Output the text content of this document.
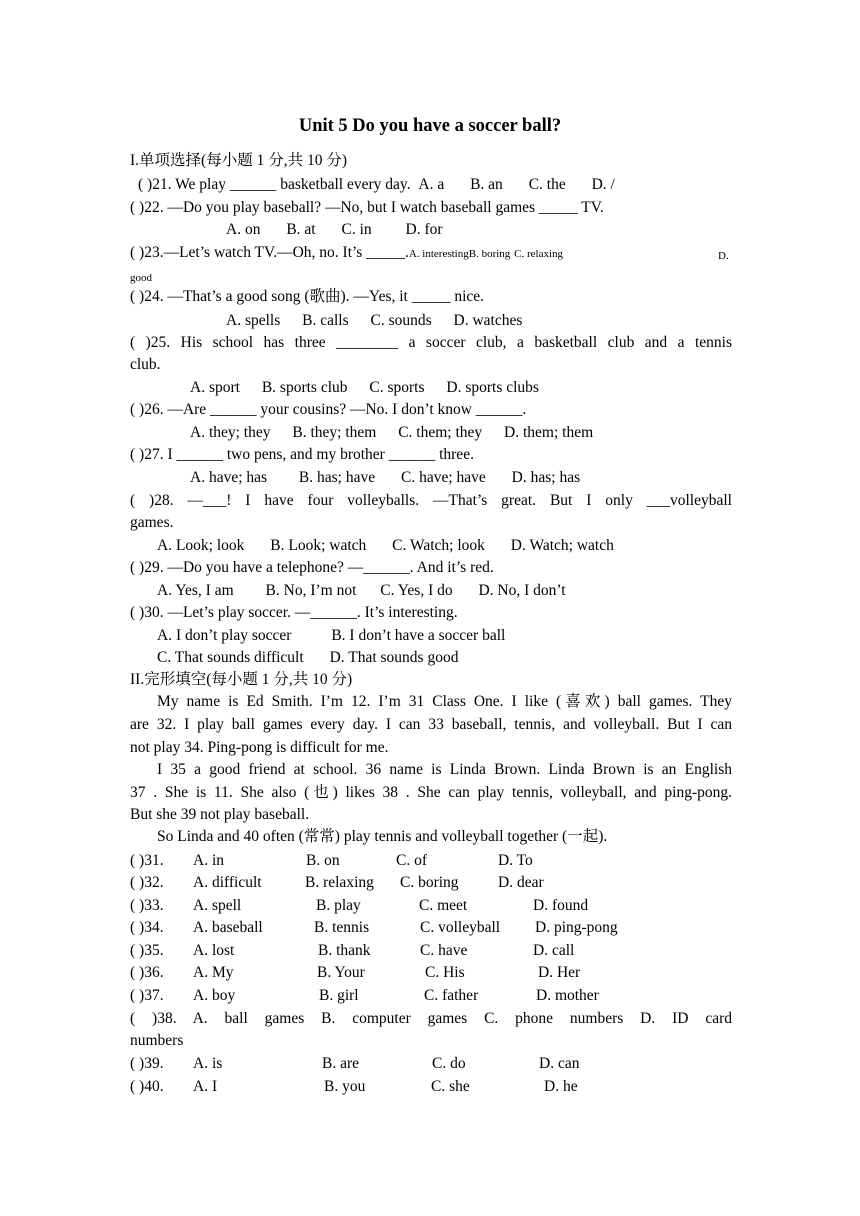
Unit 5 Do you have a soccer ball?
I.单项选择(每小题 1 分,共 10 分)
( )21. We play ______ basketball every day. A. a B. an C. the D. /
( )22. —Do you play baseball? —No, but I watch baseball games _____ TV.
A. on B. at C. in D. for
( )23.—Let’s watch TV.—Oh, no. It’s _____.A. interestingB. boring C. relaxing	D.
good
( )24. —That’s a good song (歌曲). —Yes, it _____ nice.
A. spells B. calls C. sounds D. watches
( )25. His school has three ________ a soccer club, a basketball club and a tennis
club.
A. sport B. sports club C. sports D. sports clubs
( )26. —Are ______ your cousins? —No. I don’t know ______.
A. they; they B. they; them C. them; they D. them; them
( )27. I ______ two pens, and my brother ______ three.
A. have; has B. has; have C. have; have D. has; has
( )28. —___! I have four volleyballs. —That’s great. But I only ___volleyball
games.
A. Look; look B. Look; watch C. Watch; look D. Watch; watch
( )29. —Do you have a telephone? —______. And it’s red.
A. Yes, I am B. No, I’m not C. Yes, I do D. No, I don’t
( )30. —Let’s play soccer. —______. It’s interesting.
A. I don’t play soccer	B. I don’t have a soccer ball
C. That sounds difficult D. That sounds good
II.完形填空(每小题 1 分,共 10 分)
My name is Ed Smith. I’m 12. I’m 31 Class One. I like (喜欢) ball games. They
are 32. I play ball games every day. I can 33 baseball, tennis, and volleyball. But I can
not play 34. Ping-pong is difficult for me.
I 35 a good friend at school. 36 name is Linda Brown. Linda Brown is an English
37 . She is 11. She also (也) likes 38 . She can play tennis, volleyball, and ping-pong.
But she 39 not play baseball.
So Linda and 40 often (常常) play tennis and volleyball together (一起).
( )31. A. in	B. on	C. of	D. To
( )32. A. difficult	B. relaxing C. boring	D. dear
( )33. A. spell	B. play	C. meet	D. found
( )34. A. baseball	B. tennis	C. volleyball D. ping-pong
( )35. A. lost	B. thank	C. have	D. call
( )36. A. My	B. Your	C. His	D. Her
( )37. A. boy	B. girl	C. father	D. mother
( )38. A. ball games B. computer games C. phone numbers D. ID card
numbers
( )39. A. is	B. are	C. do	D. can
( )40. A. I	B. you	C. she	D. he
